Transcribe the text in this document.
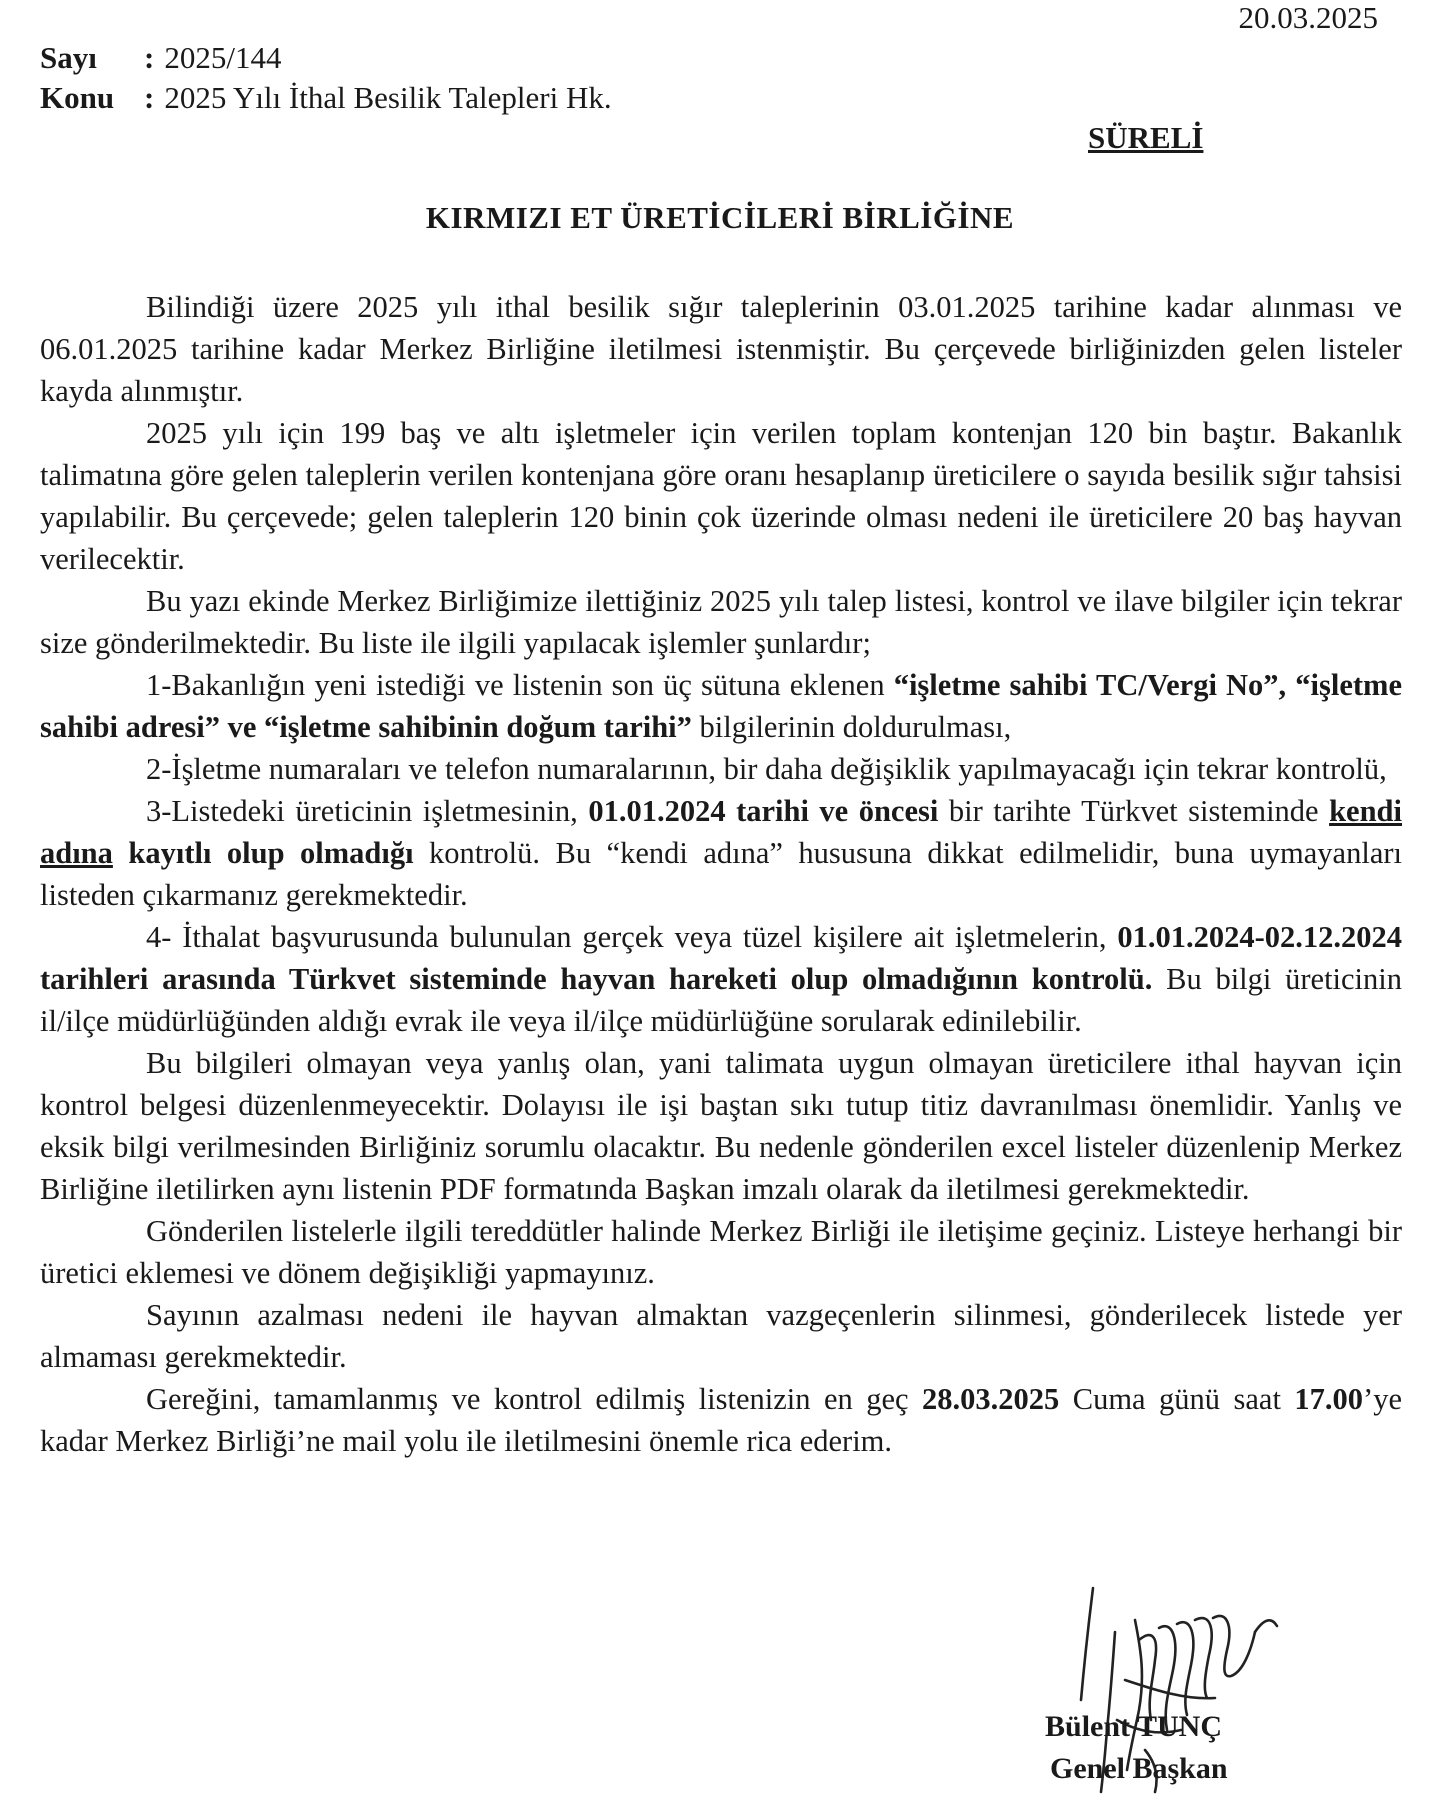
20.03.2025
Sayı	: 2025/144
Konu : 2025 Yılı İthal Besilik Talepleri Hk.
SÜRELİ
KIRMIZI ET ÜRETİCİLERİ BİRLİĞİNE

Bilindiği üzere 2025 yılı ithal besilik sığır taleplerinin 03.01.2025 tarihine kadar alınması ve 06.01.2025 tarihine kadar Merkez Birliğine iletilmesi istenmiştir. Bu çerçevede birliğinizden gelen listeler kayda alınmıştır.

2025 yılı için 199 baş ve altı işletmeler için verilen toplam kontenjan 120 bin baştır. Bakanlık talimatına göre gelen taleplerin verilen kontenjana göre oranı hesaplanıp üreticilere o sayıda besilik sığır tahsisi yapılabilir. Bu çerçevede; gelen taleplerin 120 binin çok üzerinde olması nedeni ile üreticilere 20 baş hayvan verilecektir.

Bu yazı ekinde Merkez Birliğimize ilettiğiniz 2025 yılı talep listesi, kontrol ve ilave bilgiler için tekrar size gönderilmektedir. Bu liste ile ilgili yapılacak işlemler şunlardır;

1-Bakanlığın yeni istediği ve listenin son üç sütuna eklenen “işletme sahibi TC/Vergi No”, “işletme sahibi adresi” ve “işletme sahibinin doğum tarihi” bilgilerinin doldurulması,

2-İşletme numaraları ve telefon numaralarının, bir daha değişiklik yapılmayacağı için tekrar kontrolü,

3-Listedeki üreticinin işletmesinin, 01.01.2024 tarihi ve öncesi bir tarihte Türkvet sisteminde kendi adına kayıtlı olup olmadığı kontrolü. Bu “kendi adına” hususuna dikkat edilmelidir, buna uymayanları listeden çıkarmanız gerekmektedir.

4- İthalat başvurusunda bulunulan gerçek veya tüzel kişilere ait işletmelerin, 01.01.2024-02.12.2024 tarihleri arasında Türkvet sisteminde hayvan hareketi olup olmadığının kontrolü. Bu bilgi üreticinin il/ilçe müdürlüğünden aldığı evrak ile veya il/ilçe müdürlüğüne sorularak edinilebilir.

Bu bilgileri olmayan veya yanlış olan, yani talimata uygun olmayan üreticilere ithal hayvan için kontrol belgesi düzenlenmeyecektir. Dolayısı ile işi baştan sıkı tutup titiz davranılması önemlidir. Yanlış ve eksik bilgi verilmesinden Birliğiniz sorumlu olacaktır. Bu nedenle gönderilen excel listeler düzenlenip Merkez Birliğine iletilirken aynı listenin PDF formatında Başkan imzalı olarak da iletilmesi gerekmektedir.

Gönderilen listelerle ilgili tereddütler halinde Merkez Birliği ile iletişime geçiniz. Listeye herhangi bir üretici eklemesi ve dönem değişikliği yapmayınız.

Sayının azalması nedeni ile hayvan almaktan vazgeçenlerin silinmesi, gönderilecek listede yer almaması gerekmektedir.

Gereğini, tamamlanmış ve kontrol edilmiş listenizin en geç 28.03.2025 Cuma günü saat 17.00’ye kadar Merkez Birliği’ne mail yolu ile iletilmesini önemle rica ederim.

Bülent TUNÇ
Genel Başkan
